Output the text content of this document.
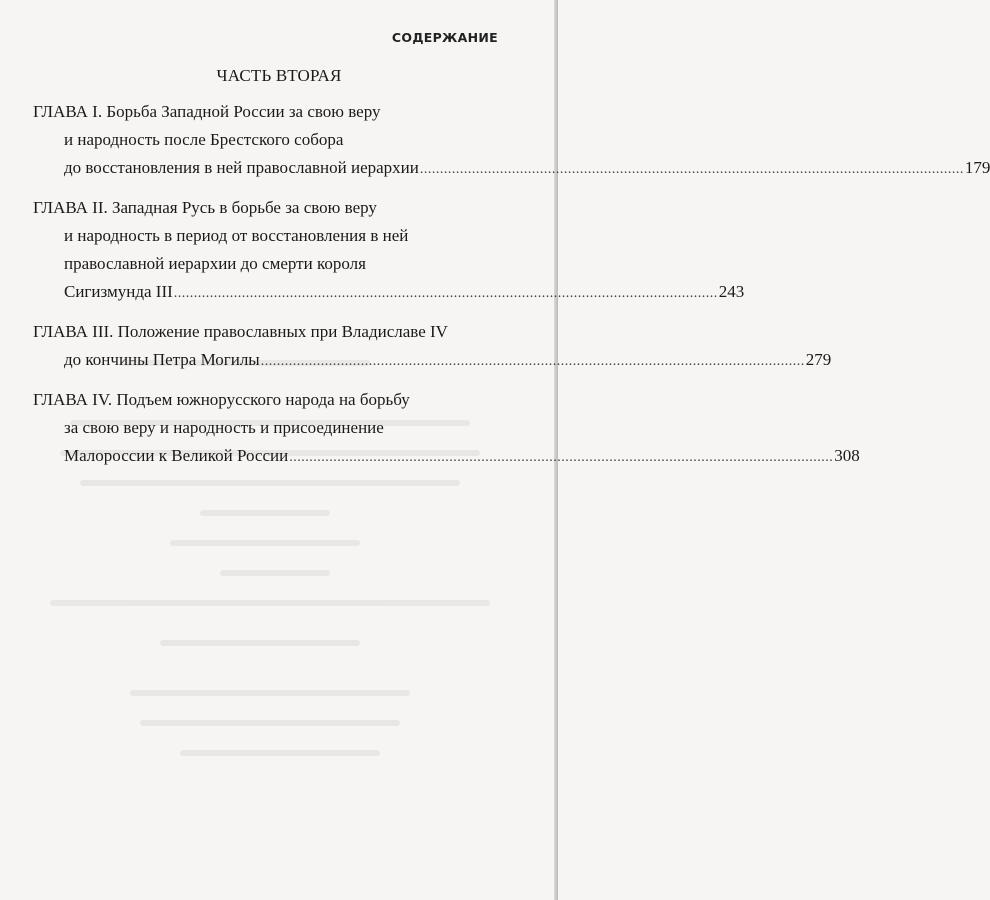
СОДЕРЖАНИЕ
ЧАСТЬ ВТОРАЯ
ГЛАВА I. Борьба Западной России за свою веру
и народность после Брестского собора
до восстановления в ней православной иерархии ........................................................................................................................................ 179
ГЛАВА II. Западная Русь в борьбе за свою веру
и народность в период от восстановления в ней
православной иерархии до смерти короля
Сигизмунда III ........................................................................................................................................ 243
ГЛАВА III. Положение православных при Владиславе IV
до кончины Петра Могилы ........................................................................................................................................ 279
ГЛАВА IV. Подъем южнорусского народа на борьбу
за свою веру и народность и присоединение
Малороссии к Великой России ........................................................................................................................................ 308
